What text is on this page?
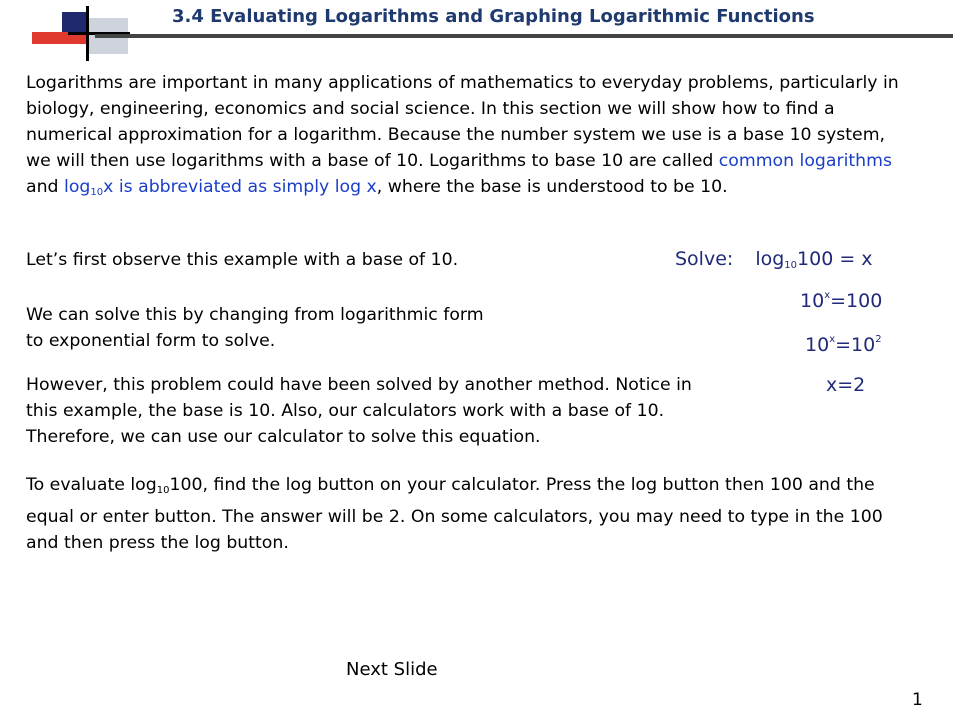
3.4 Evaluating Logarithms and Graphing Logarithmic Functions
Logarithms are important in many applications of mathematics to everyday problems, particularly in biology, engineering, economics and social science. In this section we will show how to find a numerical approximation for a logarithm. Because the number system we use is a base 10 system, we will then use logarithms with a base of 10. Logarithms to base 10 are called common logarithms and $\log_{10}x$ is abbreviated as simply log x, where the base is understood to be 10.
Let’s first observe this example with a base of 10.
We can solve this by changing from logarithmic form to exponential form to solve.
However, this problem could have been solved by another method. Notice in this example, the base is 10. Also, our calculators work with a base of 10. Therefore, we can use our calculator to solve this equation.
To evaluate $\log_{10}100$, find the log button on your calculator. Press the log button then 100 and the equal or enter button. The answer will be 2. On some calculators, you may need to type in the 100 and then press the log button.
Solve: $\log_{10}100 = x$
$10^x=100$
$10^x=10^2$
x=2
Next Slide
1
